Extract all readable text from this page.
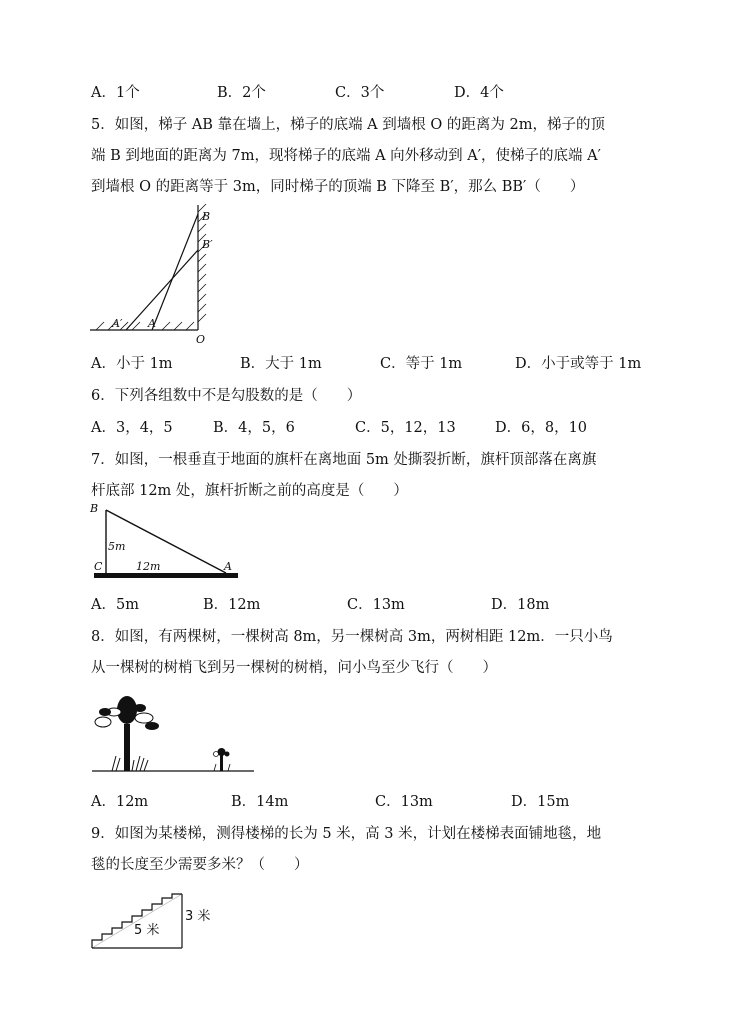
A．1个	B．2个	C．3个	D．4个
5．如图，梯子 AB 靠在墙上，梯子的底端 A 到墙根 O 的距离为 2m，梯子的顶
端 B 到地面的距离为 7m，现将梯子的底端 A 向外移动到 A′，使梯子的底端 A′
到墙根 O 的距离等于 3m，同时梯子的顶端 B 下降至 B′，那么 BB′（　　）
B
B′
A
A′
O
A．小于 1m	B．大于 1m	C．等于 1m	D．小于或等于 1m
6．下列各组数中不是勾股数的是（　　）
A．3，4，5	B．4，5，6	C．5，12，13	D．6，8，10
7．如图，一根垂直于地面的旗杆在离地面 5m 处撕裂折断，旗杆顶部落在离旗
杆底部 12m 处，旗杆折断之前的高度是（　　）
B
C	A
5m
12m
A．5m	B．12m	C．13m	D．18m
8．如图，有两棵树，一棵树高 8m，另一棵树高 3m，两树相距 12m．一只小鸟
从一棵树的树梢飞到另一棵树的树梢，问小鸟至少飞行（　　）
A．12m	B．14m	C．13m	D．15m
9．如图为某楼梯，测得楼梯的长为 5 米，高 3 米，计划在楼梯表面铺地毯，地
毯的长度至少需要多米？（　　）
5 米
3 米
